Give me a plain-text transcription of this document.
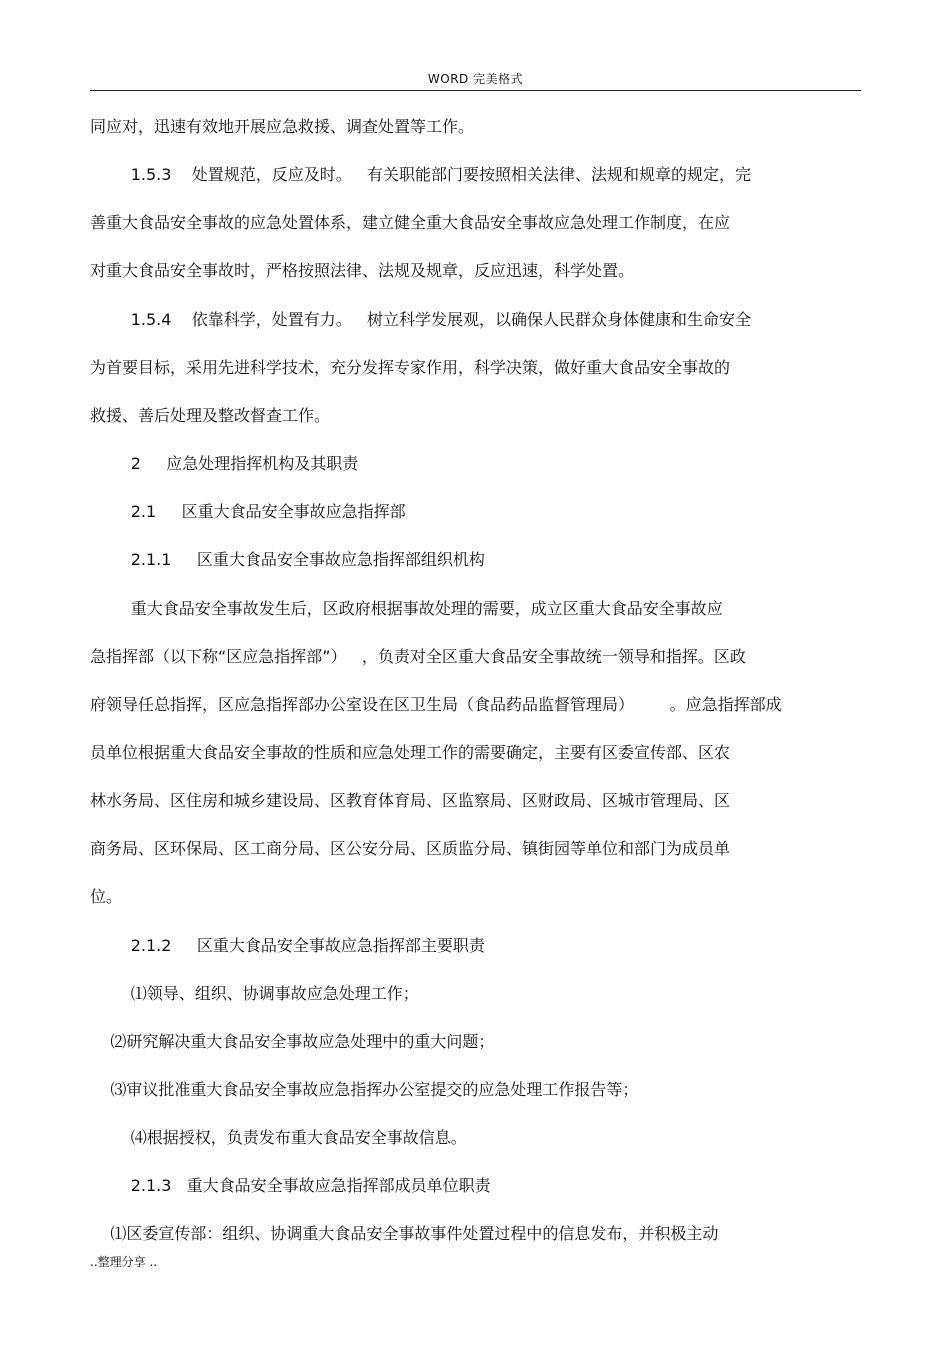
WORD 完美格式
同应对，迅速有效地开展应急救援、调查处置等工作。
1.5.3    处置规范，反应及时。   有关职能部门要按照相关法律、法规和规章的规定，完
善重大食品安全事故的应急处置体系，建立健全重大食品安全事故应急处理工作制度，在应
对重大食品安全事故时，严格按照法律、法规及规章，反应迅速，科学处置。
1.5.4    依靠科学，处置有力。   树立科学发展观，以确保人民群众身体健康和生命安全
为首要目标，采用先进科学技术，充分发挥专家作用，科学决策，做好重大食品安全事故的
救援、善后处理及整改督查工作。
2     应急处理指挥机构及其职责
2.1     区重大食品安全事故应急指挥部
2.1.1     区重大食品安全事故应急指挥部组织机构
重大食品安全事故发生后，区政府根据事故处理的需要，成立区重大食品安全事故应
急指挥部（以下称“区应急指挥部”）   ，负责对全区重大食品安全事故统一领导和指挥。区政
府领导任总指挥，区应急指挥部办公室设在区卫生局（食品药品监督管理局）       。应急指挥部成
员单位根据重大食品安全事故的性质和应急处理工作的需要确定，主要有区委宣传部、区农
林水务局、区住房和城乡建设局、区教育体育局、区监察局、区财政局、区城市管理局、区
商务局、区环保局、区工商分局、区公安分局、区质监分局、镇街园等单位和部门为成员单
位。
2.1.2     区重大食品安全事故应急指挥部主要职责
⑴领导、组织、协调事故应急处理工作；
⑵研究解决重大食品安全事故应急处理中的重大问题；
⑶审议批准重大食品安全事故应急指挥办公室提交的应急处理工作报告等；
⑷根据授权，负责发布重大食品安全事故信息。
2.1.3   重大食品安全事故应急指挥部成员单位职责
⑴区委宣传部：组织、协调重大食品安全事故事件处置过程中的信息发布，并积极主动
..整理分享 ..
